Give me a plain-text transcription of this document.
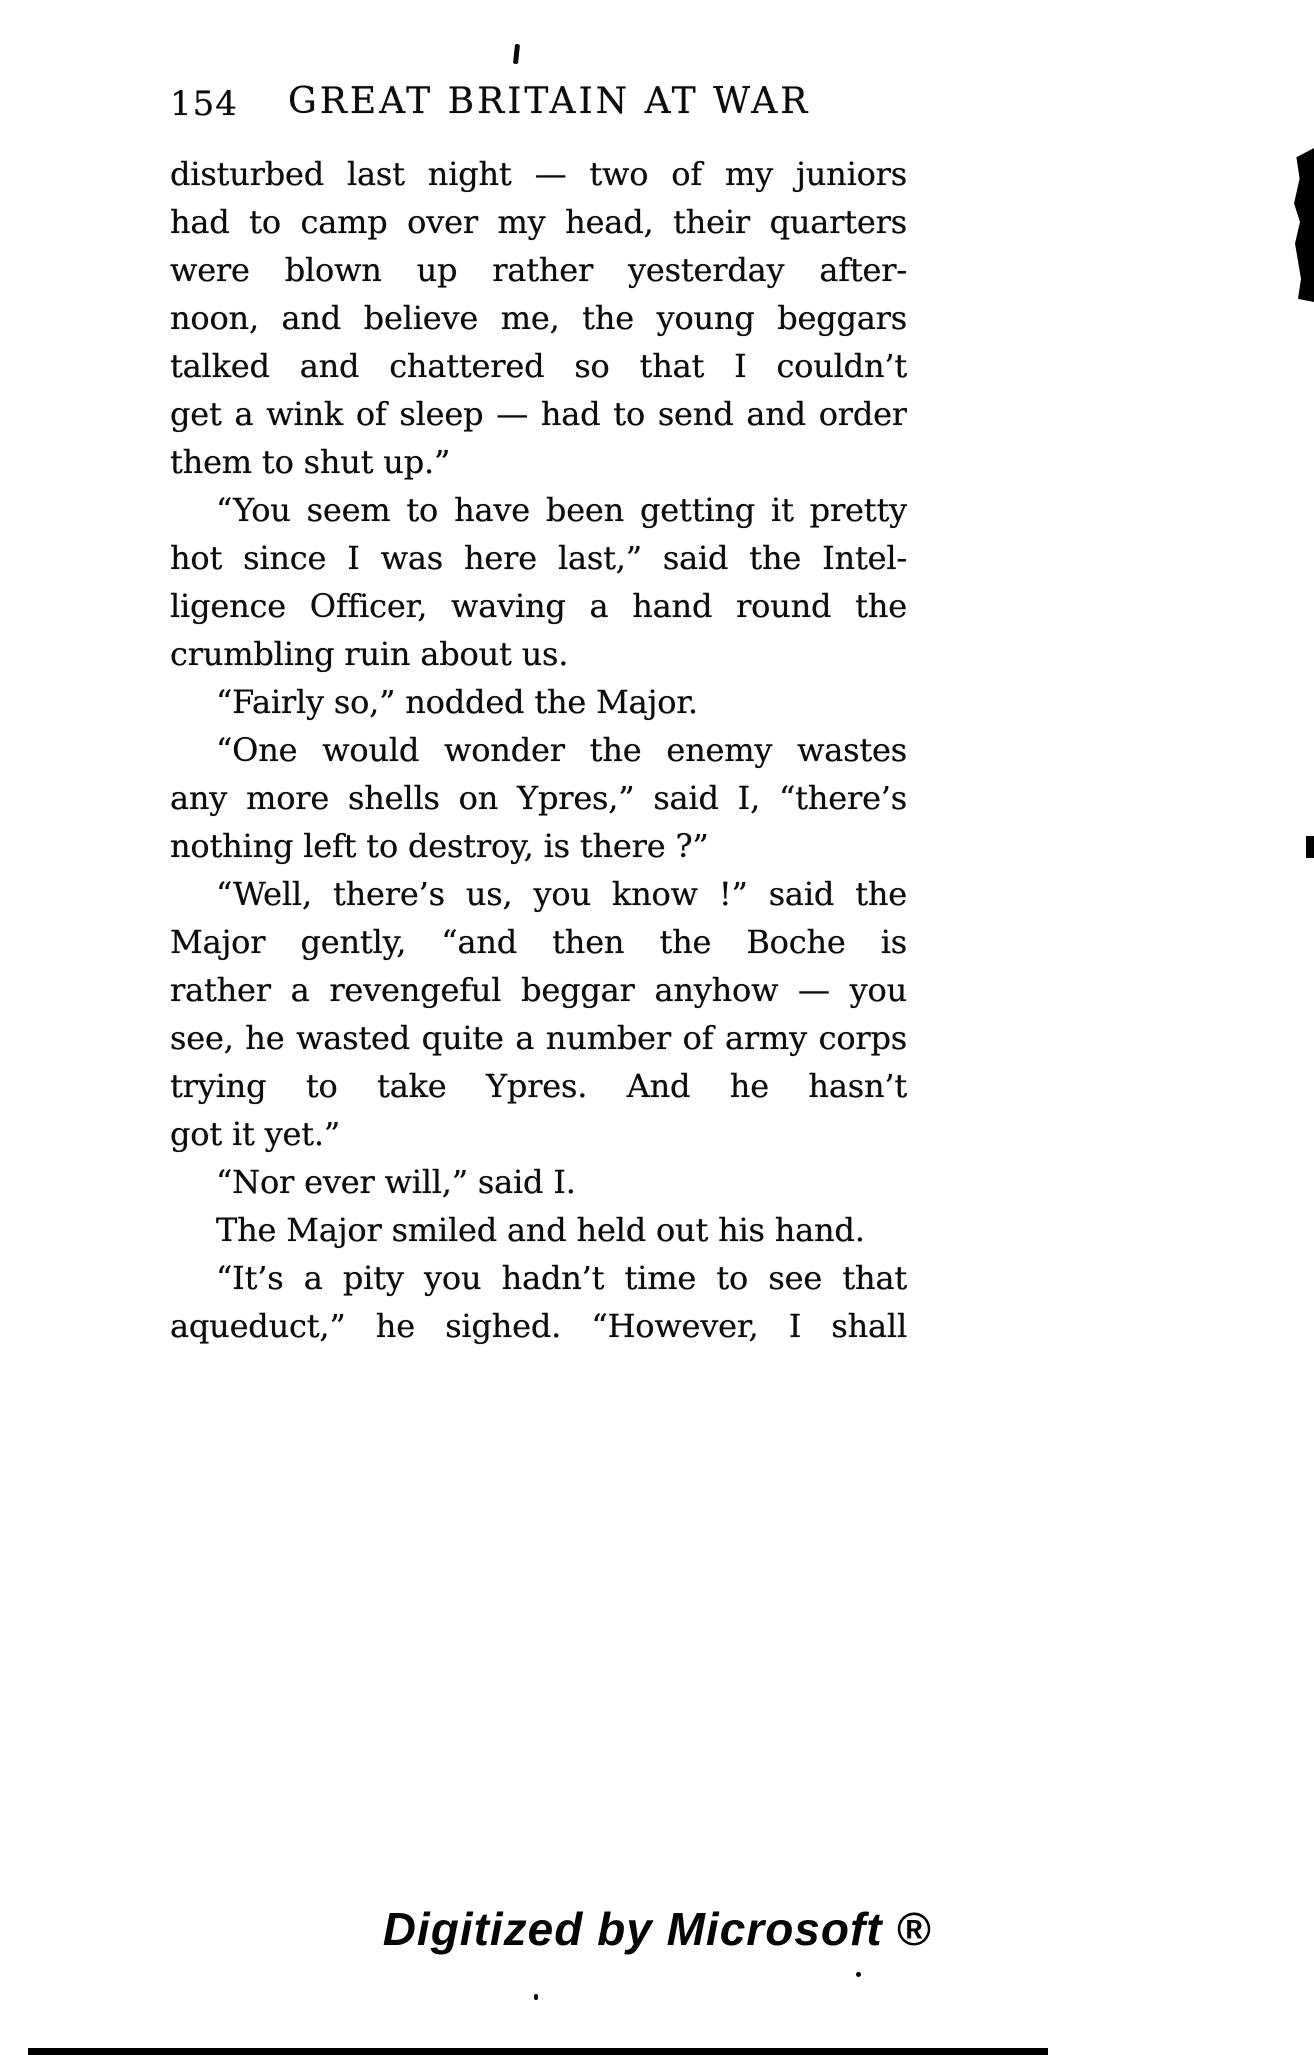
154 GREAT BRITAIN AT WAR
disturbed last night — two of my juniors
had to camp over my head, their quarters
were blown up rather yesterday after-
noon, and believe me, the young beggars
talked and chattered so that I couldn’t
get a wink of sleep — had to send and order
them to shut up.”
“You seem to have been getting it pretty
hot since I was here last,” said the Intel-
ligence Officer, waving a hand round the
crumbling ruin about us.
“Fairly so,” nodded the Major.
“One would wonder the enemy wastes
any more shells on Ypres,” said I, “there’s
nothing left to destroy, is there ?”
“Well, there’s us, you know !” said the
Major gently, “and then the Boche is
rather a revengeful beggar anyhow — you
see, he wasted quite a number of army corps
trying to take Ypres. And he hasn’t
got it yet.”
“Nor ever will,” said I.
The Major smiled and held out his hand.
“It’s a pity you hadn’t time to see that
aqueduct,” he sighed. “However, I shall
Digitized by Microsoft ®
